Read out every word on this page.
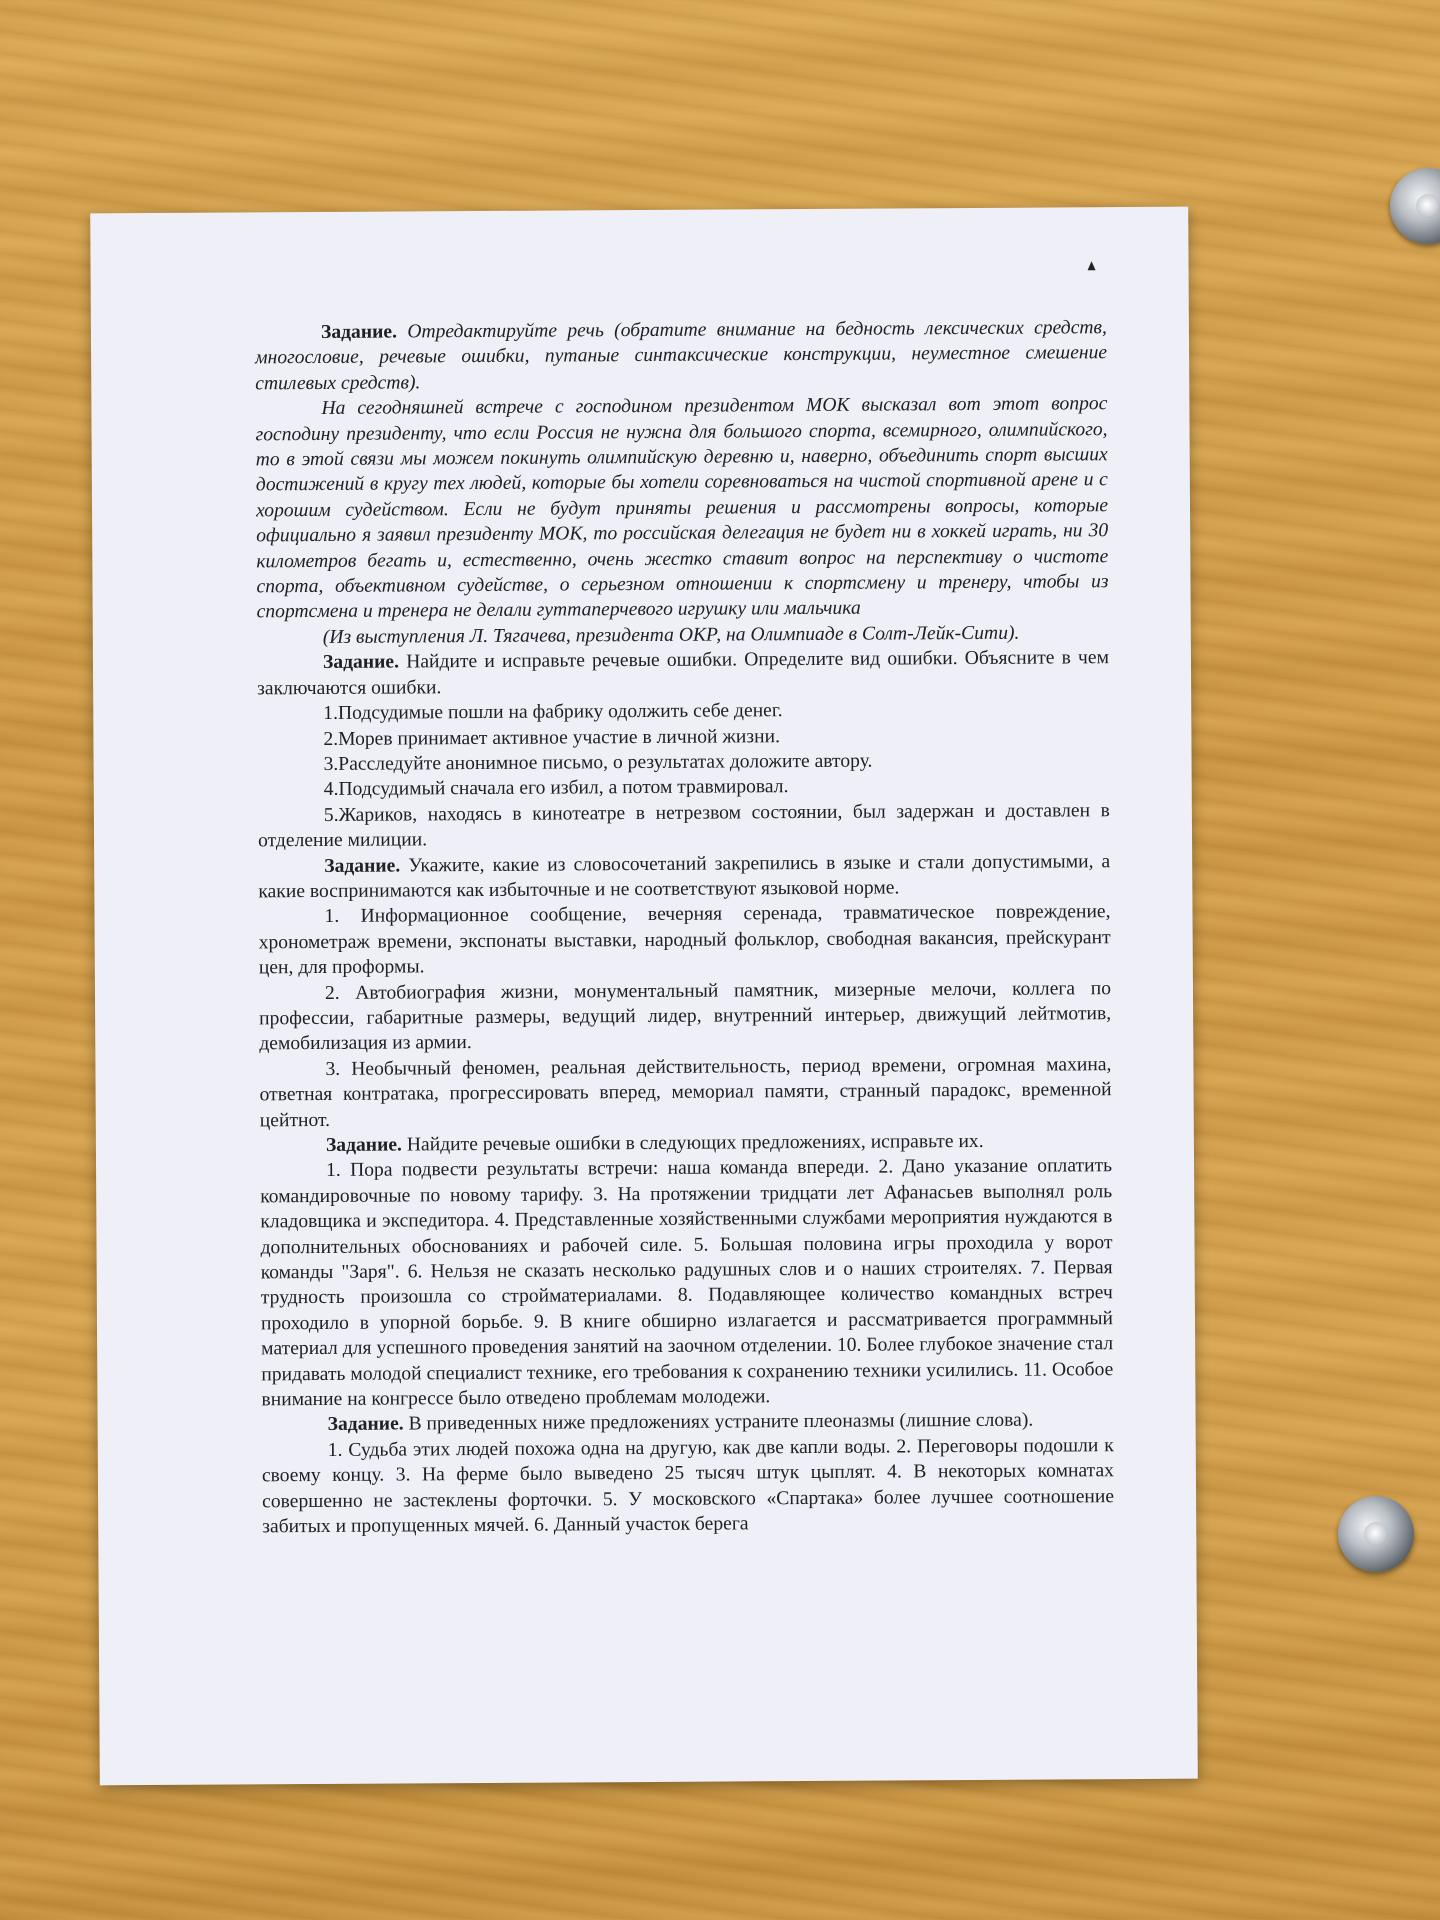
Задание. Отредактируйте речь (обратите внимание на бедность лексических средств, многословие, речевые ошибки, путаные синтаксические конструкции, неуместное смешение стилевых средств).

На сегодняшней встрече с господином президентом МОК высказал вот этот вопрос господину президенту, что если Россия не нужна для большого спорта, всемирного, олимпийского, то в этой связи мы можем покинуть олимпийскую деревню и, наверно, объединить спорт высших достижений в кругу тех людей, которые бы хотели соревноваться на чистой спортивной арене и с хорошим судейством. Если не будут приняты решения и рассмотрены вопросы, которые официально я заявил президенту МОК, то российская делегация не будет ни в хоккей играть, ни 30 километров бегать и, естественно, очень жестко ставит вопрос на перспективу о чистоте спорта, объективном судействе, о серьезном отношении к спортсмену и тренеру, чтобы из спортсмена и тренера не делали гуттаперчевого игрушку или мальчика

(Из выступления Л. Тягачева, президента ОКР, на Олимпиаде в Солт-Лейк-Сити).

Задание. Найдите и исправьте речевые ошибки. Определите вид ошибки. Объясните в чем заключаются ошибки.

1.Подсудимые пошли на фабрику одолжить себе денег.

2.Морев принимает активное участие в личной жизни.

3.Расследуйте анонимное письмо, о результатах доложите автору.

4.Подсудимый сначала его избил, а потом травмировал.

5.Жариков, находясь в кинотеатре в нетрезвом состоянии, был задержан и доставлен в отделение милиции.

Задание. Укажите, какие из словосочетаний закрепились в языке и стали допустимыми, а какие воспринимаются как избыточные и не соответствуют языковой норме.

1. Информационное сообщение, вечерняя серенада, травматическое повреждение, хронометраж времени, экспонаты выставки, народный фольклор, свободная вакансия, прейскурант цен, для проформы.

2. Автобиография жизни, монументальный памятник, мизерные мелочи, коллега по профессии, габаритные размеры, ведущий лидер, внутренний интерьер, движущий лейтмотив, демобилизация из армии.

3. Необычный феномен, реальная действительность, период времени, огромная махина, ответная контратака, прогрессировать вперед, мемориал памяти, странный парадокс, временной цейтнот.

Задание. Найдите речевые ошибки в следующих предложениях, исправьте их.

1. Пора подвести результаты встречи: наша команда впереди. 2. Дано указание оплатить командировочные по новому тарифу. 3. На протяжении тридцати лет Афанасьев выполнял роль кладовщика и экспедитора. 4. Представленные хозяйственными службами мероприятия нуждаются в дополнительных обоснованиях и рабочей силе. 5. Большая половина игры проходила у ворот команды "Заря". 6. Нельзя не сказать несколько радушных слов и о наших строителях. 7. Первая трудность произошла со стройматериалами. 8. Подавляющее количество командных встреч проходило в упорной борьбе. 9. В книге обширно излагается и рассматривается программный материал для успешного проведения занятий на заочном отделении. 10. Более глубокое значение стал придавать молодой специалист технике, его требования к сохранению техники усилились. 11. Особое внимание на конгрессе было отведено проблемам молодежи.

Задание. В приведенных ниже предложениях устраните плеоназмы (лишние слова).

1. Судьба этих людей похожа одна на другую, как две капли воды. 2. Переговоры подошли к своему концу. 3. На ферме было выведено 25 тысяч штук цыплят. 4. В некоторых комнатах совершенно не застеклены форточки. 5. У московского «Спартака» более лучшее соотношение забитых и пропущенных мячей. 6. Данный участок берега
